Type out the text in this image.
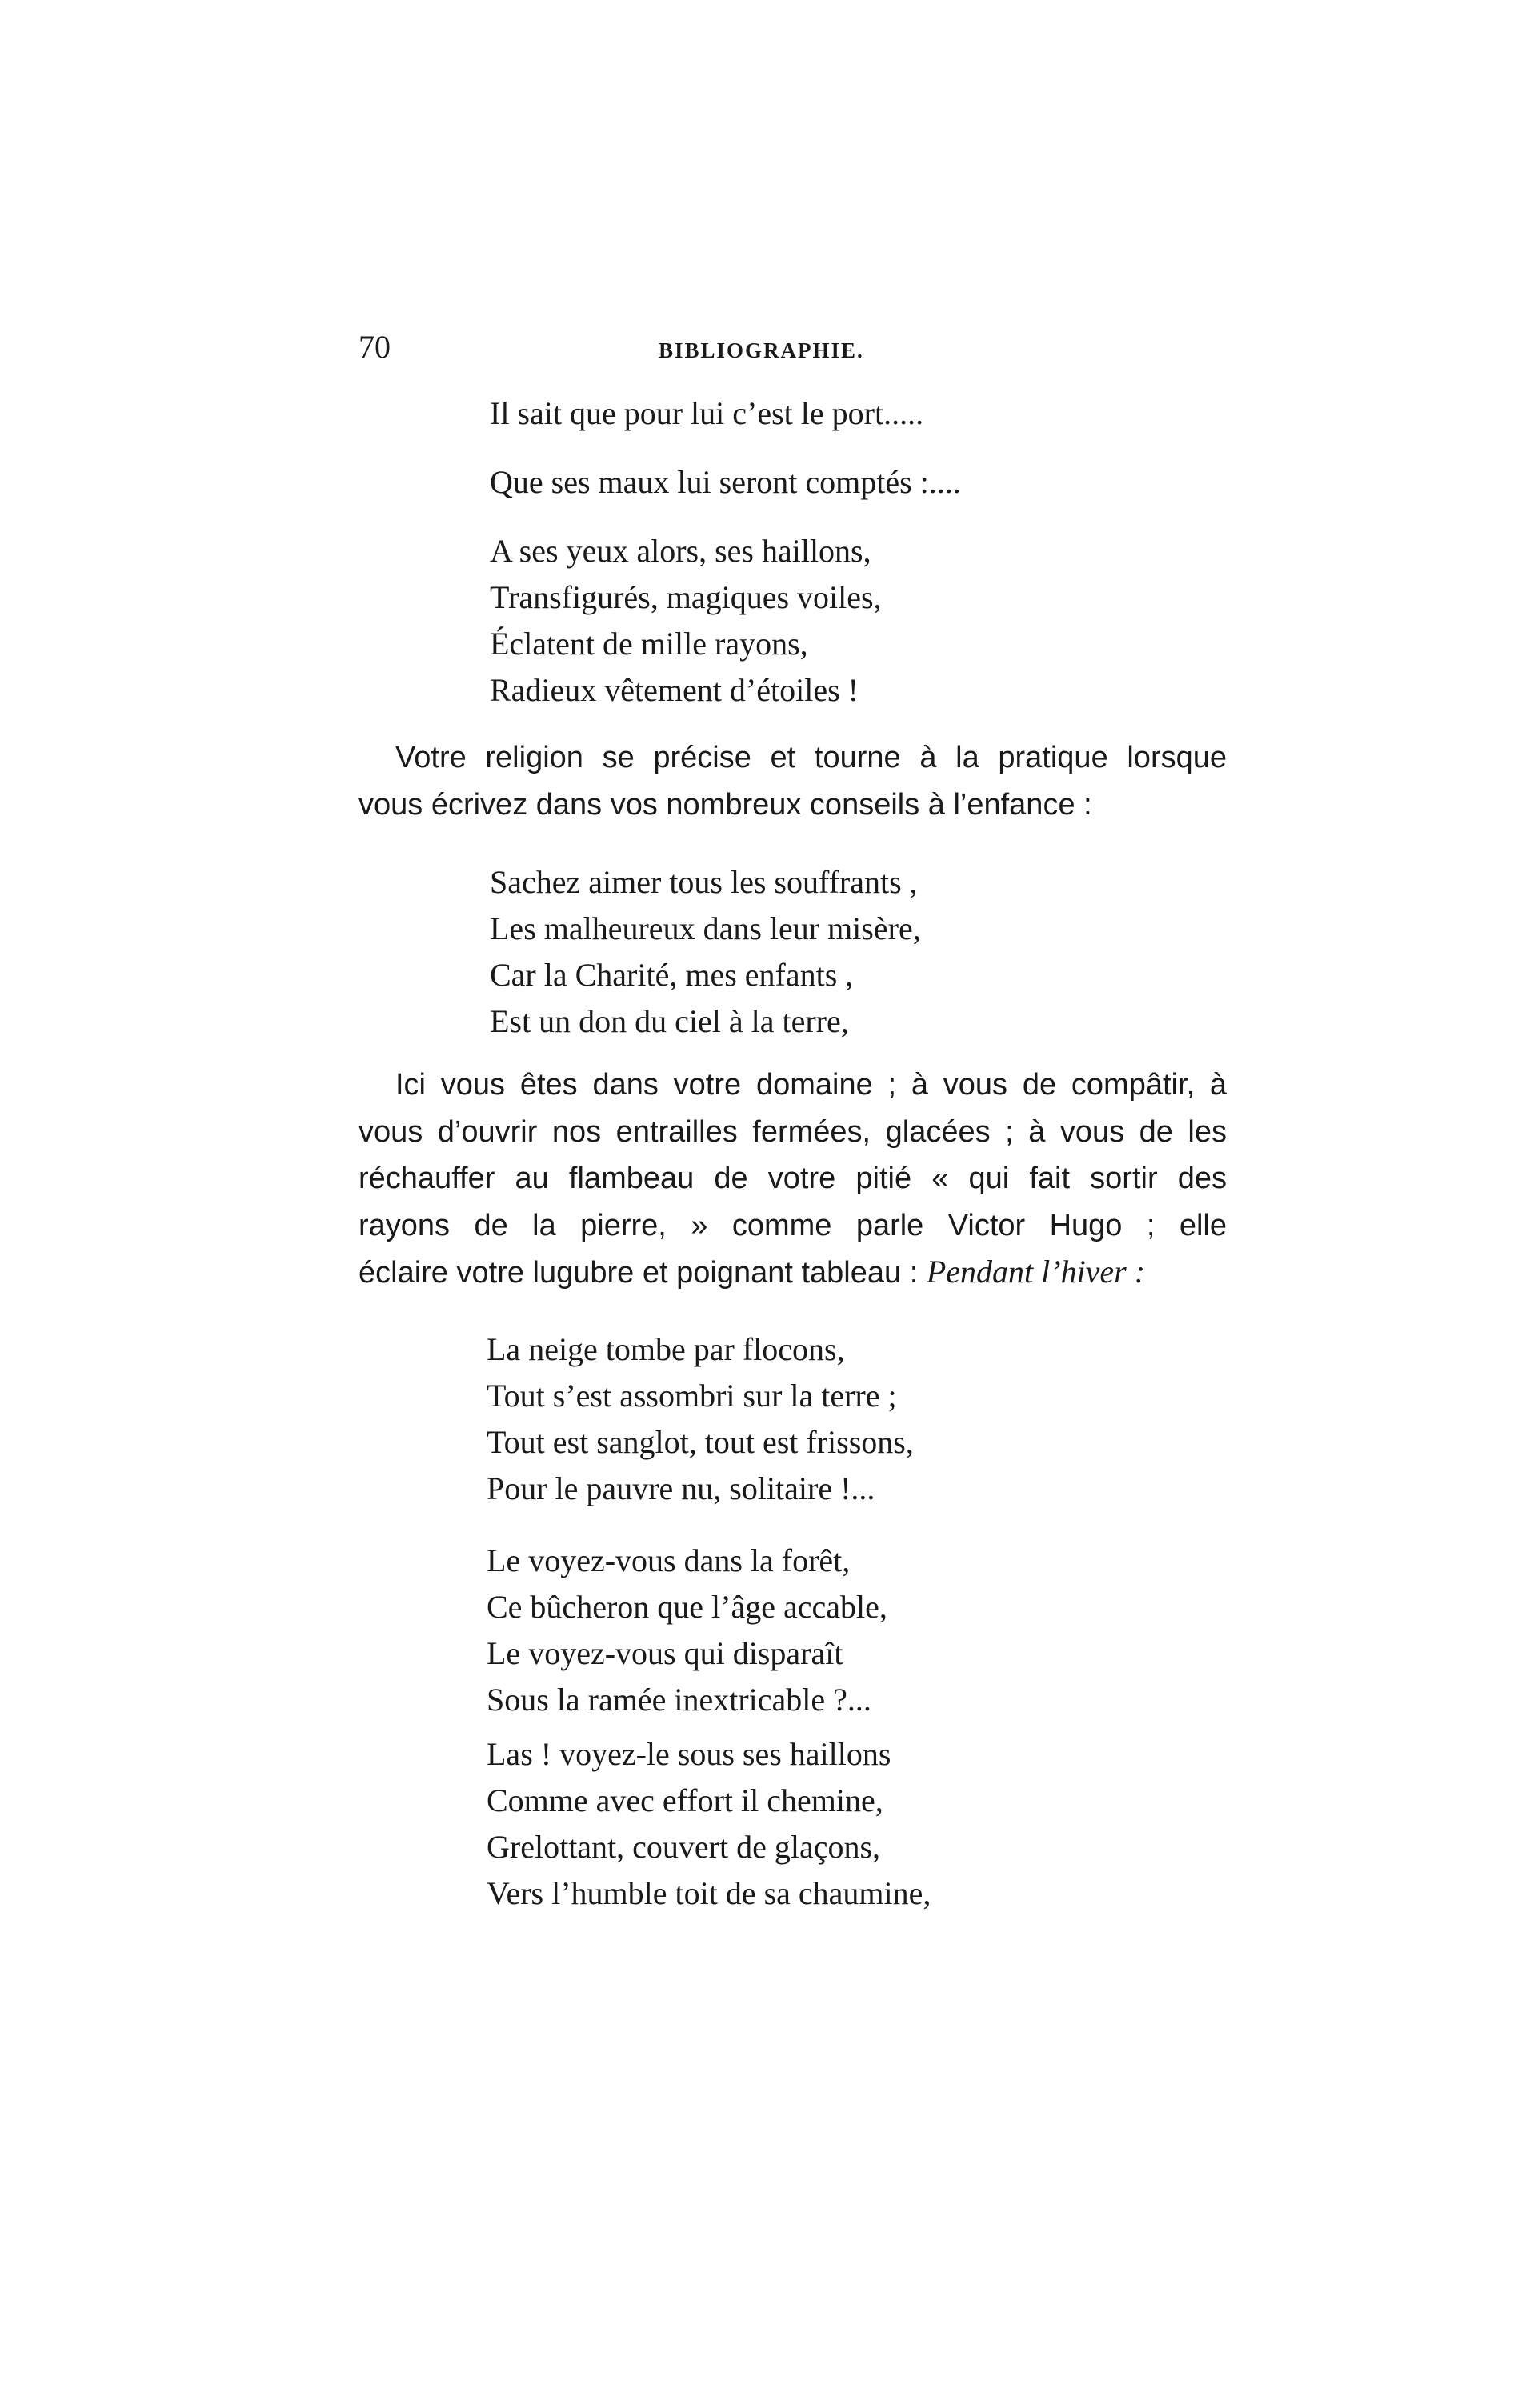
70	BIBLIOGRAPHIE.
Il sait que pour lui c’est le port.....
Que ses maux lui seront comptés :....
A ses yeux alors, ses haillons,
Transfigurés, magiques voiles,
Éclatent de mille rayons,
Radieux vêtement d’étoiles !
Votre religion se précise et tourne à la pratique lorsque
vous écrivez dans vos nombreux conseils à l’enfance :
Sachez aimer tous les souffrants ,
Les malheureux dans leur misère,
Car la Charité, mes enfants ,
Est un don du ciel à la terre,
Ici vous êtes dans votre domaine ; à vous de compâtir, à
vous d’ouvrir nos entrailles fermées, glacées ; à vous de les
réchauffer au flambeau de votre pitié « qui fait sortir des
rayons de la pierre, » comme parle Victor Hugo ; elle
éclaire votre lugubre et poignant tableau : Pendant l’hiver :
La neige tombe par flocons,
Tout s’est assombri sur la terre ;
Tout est sanglot, tout est frissons,
Pour le pauvre nu, solitaire !...
Le voyez-vous dans la forêt,
Ce bûcheron que l’âge accable,
Le voyez-vous qui disparaît
Sous la ramée inextricable ?...
Las ! voyez-le sous ses haillons
Comme avec effort il chemine,
Grelottant, couvert de glaçons,
Vers l’humble toit de sa chaumine,
